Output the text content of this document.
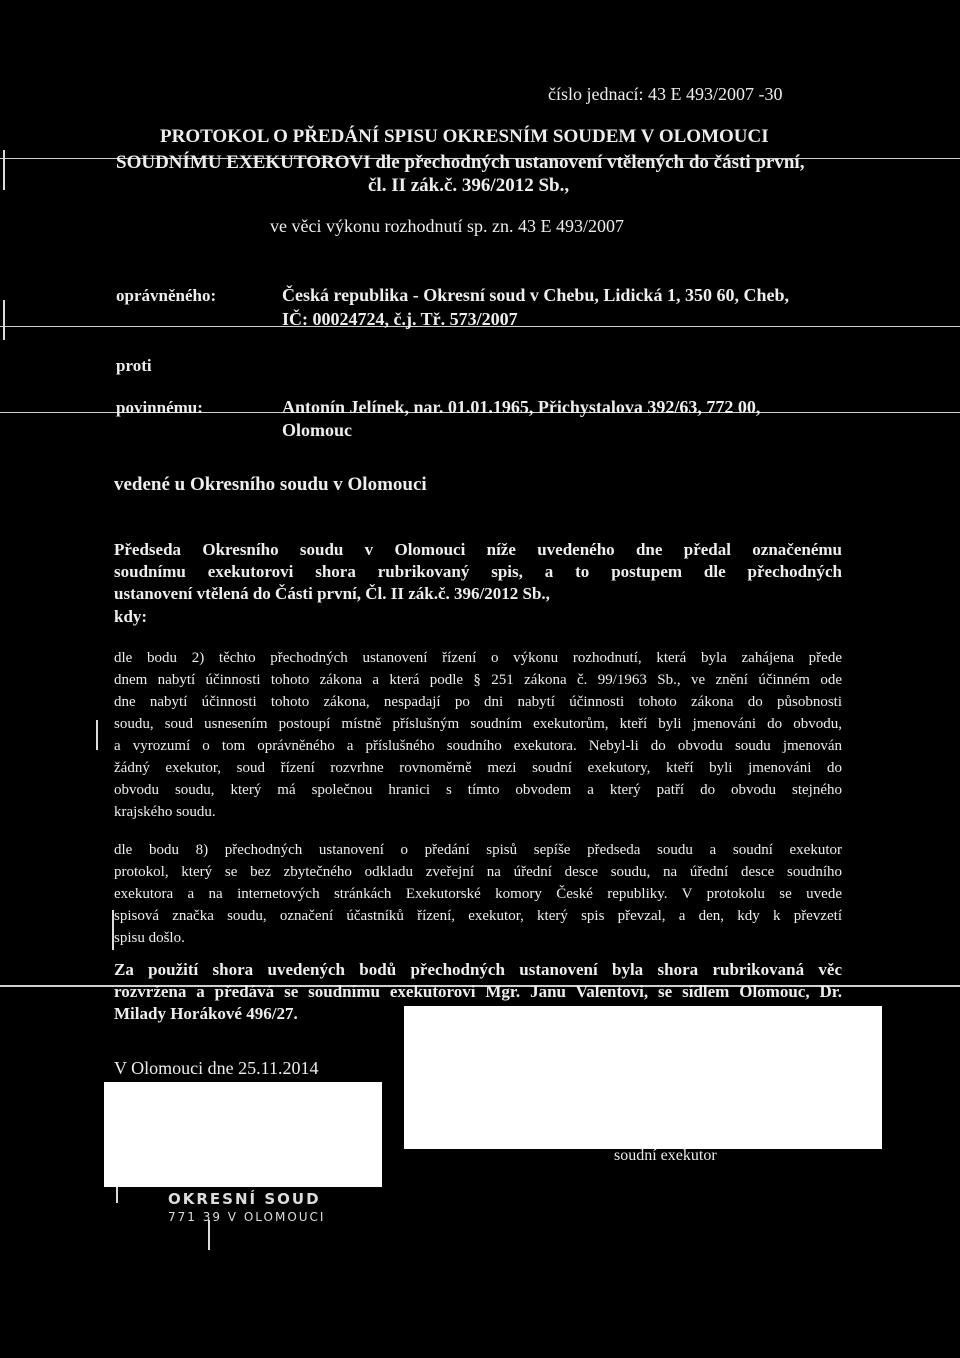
číslo jednací: 43 E 493/2007 -30
PROTOKOL O PŘEDÁNÍ SPISU OKRESNÍM SOUDEM V OLOMOUCI
SOUDNÍMU EXEKUTOROVI dle přechodných ustanovení vtělených do části první,
čl. II zák.č. 396/2012 Sb.,
ve věci výkonu rozhodnutí sp. zn. 43 E 493/2007
oprávněného:	Česká republika - Okresní soud v Chebu, Lidická 1, 350 60, Cheb,
IČ: 00024724, č.j. Tř. 573/2007
proti
povinnému:	Antonín Jelínek, nar. 01.01.1965, Přichystalova 392/63, 772 00,
Olomouc
vedené u Okresního soudu v Olomouci
Předseda Okresního soudu v Olomouci níže uvedeného dne předal označenému
soudnímu exekutorovi shora rubrikovaný spis, a to postupem dle přechodných
ustanovení vtělená do Části první, Čl. II zák.č. 396/2012 Sb.,
kdy:
dle bodu 2) těchto přechodných ustanovení řízení o výkonu rozhodnutí, která byla zahájena přede
dnem nabytí účinnosti tohoto zákona a která podle § 251 zákona č. 99/1963 Sb., ve znění účinném ode
dne nabytí účinnosti tohoto zákona, nespadají po dni nabytí účinnosti tohoto zákona do působnosti
soudu, soud usnesením postoupí místně příslušným soudním exekutorům, kteří byli jmenováni do obvodu,
a vyrozumí o tom oprávněného a příslušného soudního exekutora. Nebyl-li do obvodu soudu jmenován
žádný exekutor, soud řízení rozvrhne rovnoměrně mezi soudní exekutory, kteří byli jmenováni do
obvodu soudu, který má společnou hranici s tímto obvodem a který patří do obvodu stejného
krajského soudu.
dle bodu 8) přechodných ustanovení o předání spisů sepíše předseda soudu a soudní exekutor
protokol, který se bez zbytečného odkladu zveřejní na úřední desce soudu, na úřední desce soudního
exekutora a na internetových stránkách Exekutorské komory České republiky. V protokolu se uvede
spisová značka soudu, označení účastníků řízení, exekutor, který spis převzal, a den, kdy k převzetí
spisu došlo.
Za použití shora uvedených bodů přechodných ustanovení byla shora rubrikovaná věc
rozvržena a předává se soudnímu exekutorovi Mgr. Janu Valentovi, se sídlem Olomouc, Dr.
Milady Horákové 496/27.
V Olomouci dne 25.11.2014
soudní exekutor
OKRESNÍ SOUD
771 39 V OLOMOUCI
